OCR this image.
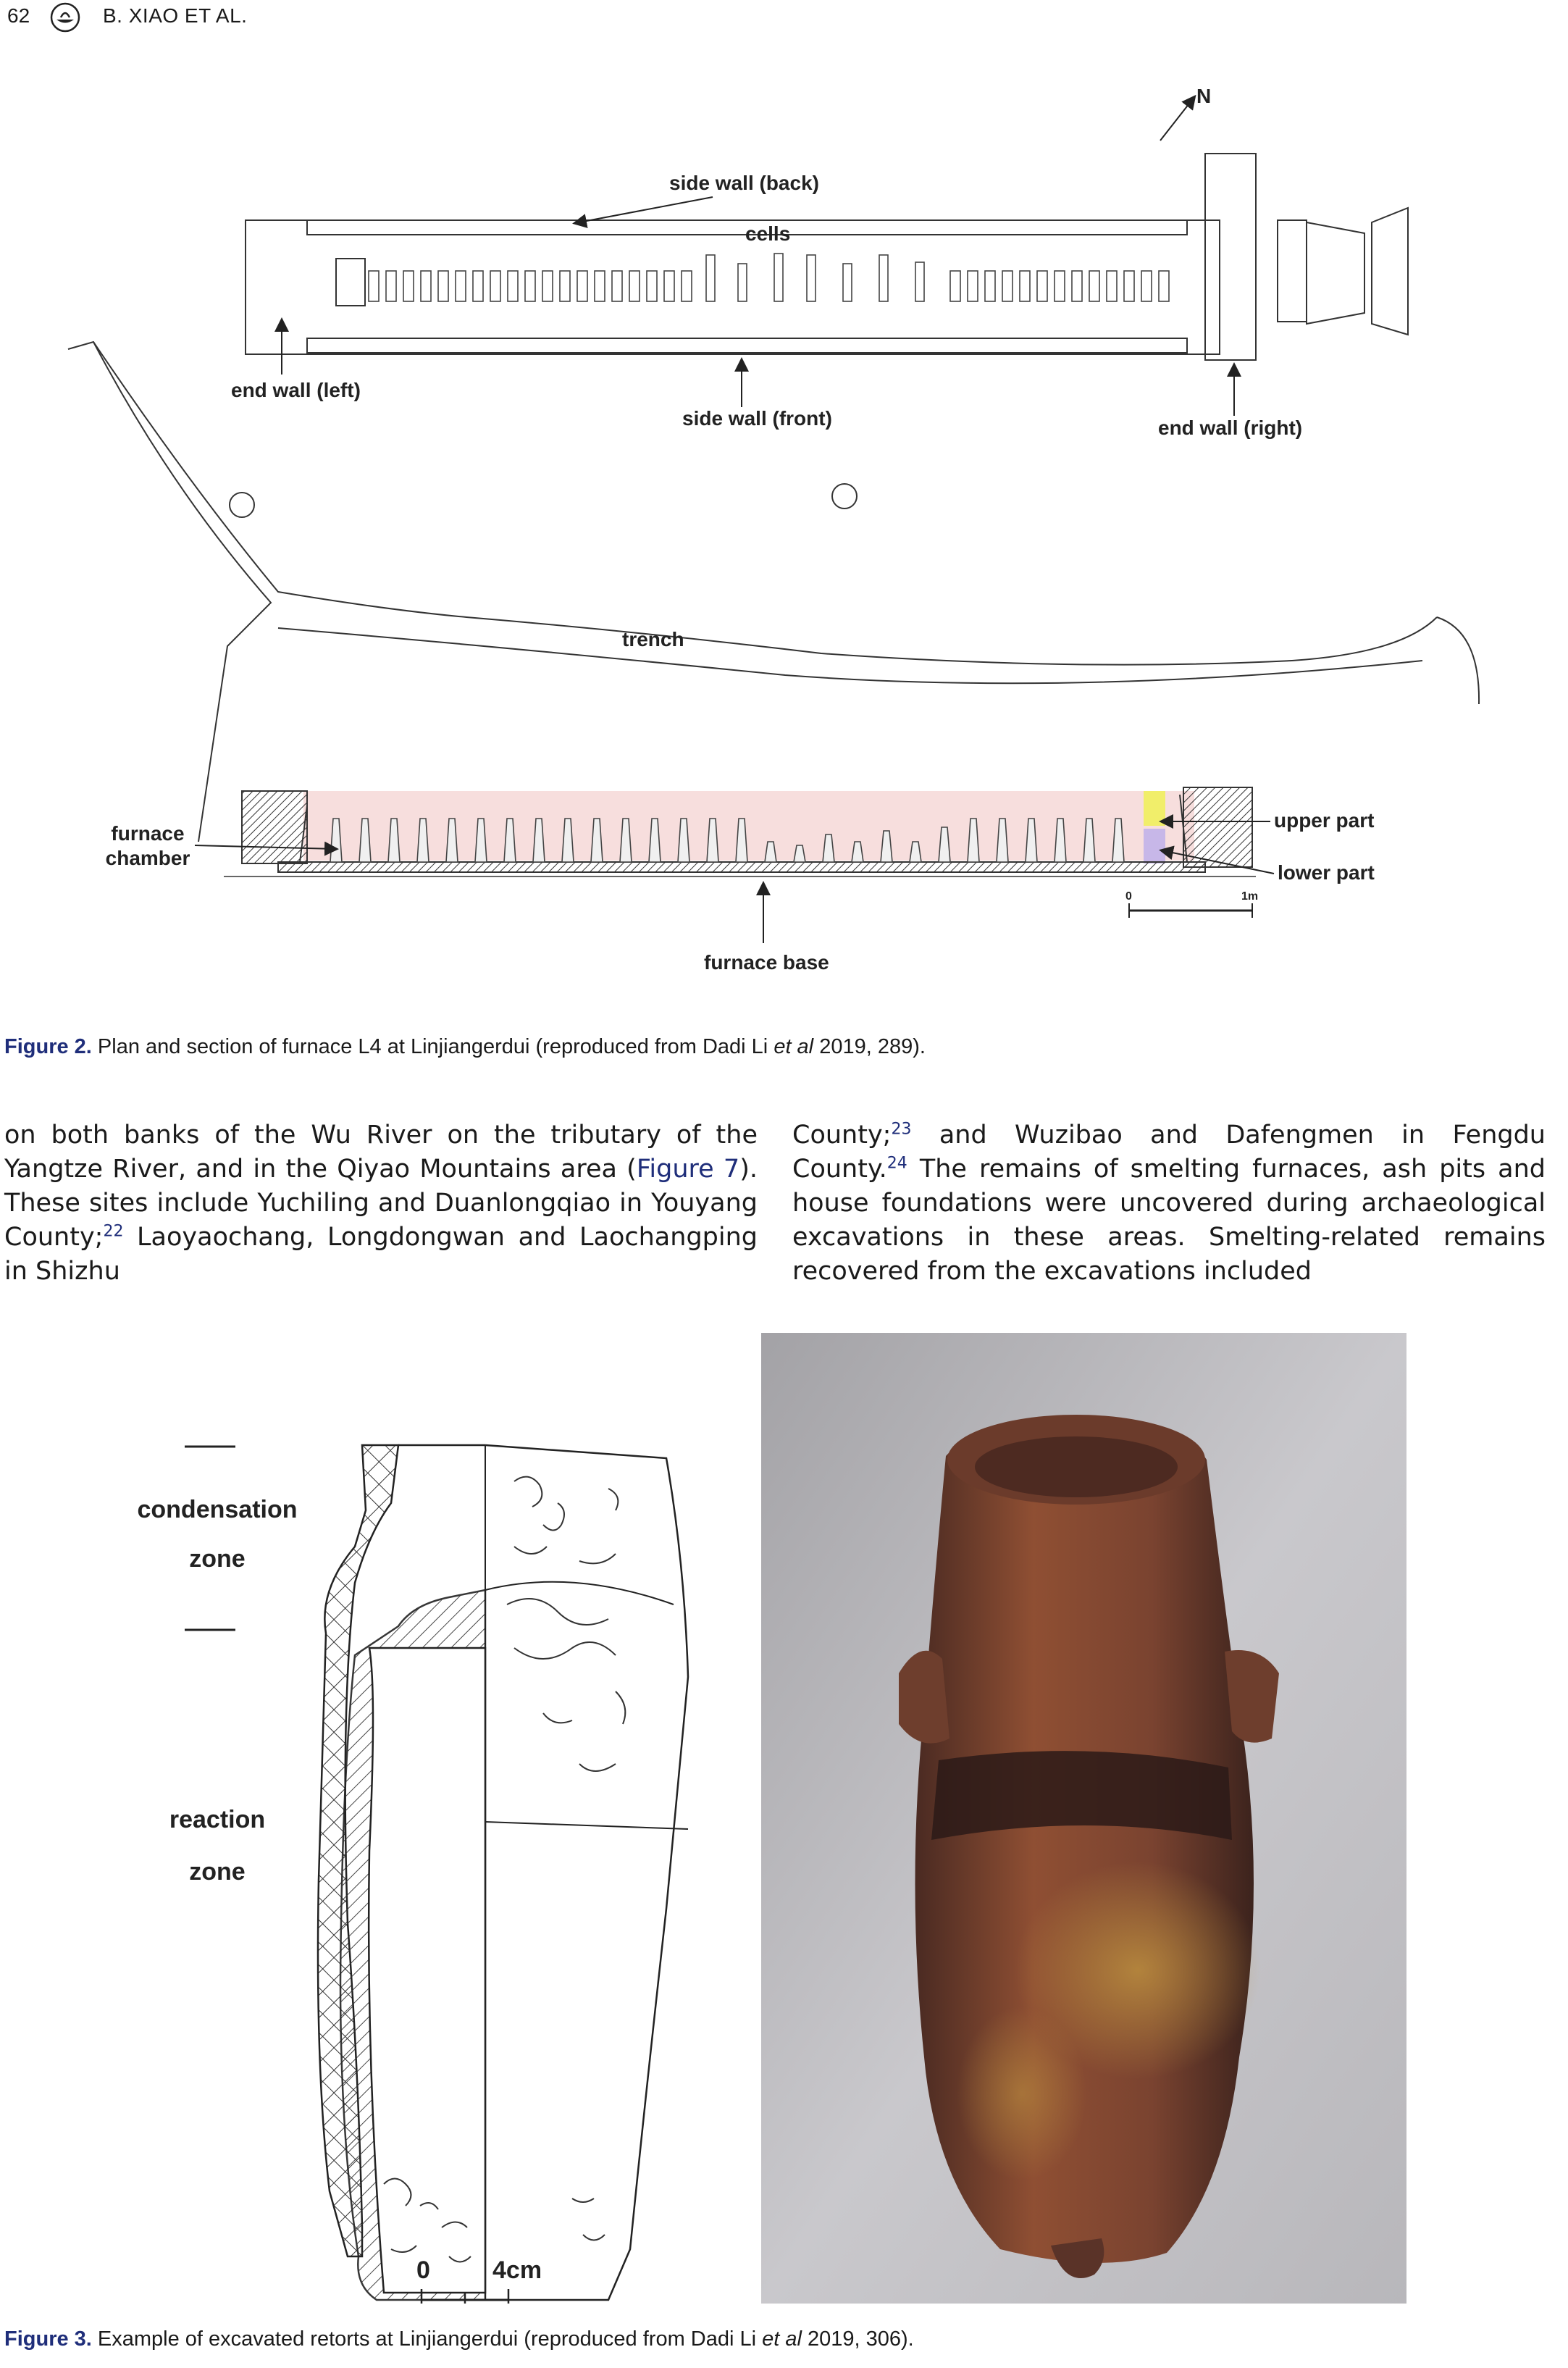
62	B. XIAO ET AL.
N
side wall (back)
cells
end wall (left)
side wall (front)	end wall (right)
trench
furnace
chamber
upper part
lower part
furnace base
0	1m
Figure 2. Plan and section of furnace L4 at Linjiangerdui (reproduced from Dadi Li et al 2019, 289).
on both banks of the Wu River on the tributary of the Yangtze River, and in the Qiyao Mountains area (Figure 7). These sites include Yuchiling and Duanlongqiao in Youyang County;$^{22}$ Laoyaochang, Longdongwan and Laochangping in Shizhu
County;$^{23}$ and Wuzibao and Dafengmen in Fengdu County.$^{24}$ The remains of smelting furnaces, ash pits and house foundations were uncovered during archaeological excavations in these areas. Smelting-related remains recovered from the excavations included
condensation
zone
reaction
zone
0	4cm
Figure 3. Example of excavated retorts at Linjiangerdui (reproduced from Dadi Li et al 2019, 306).
